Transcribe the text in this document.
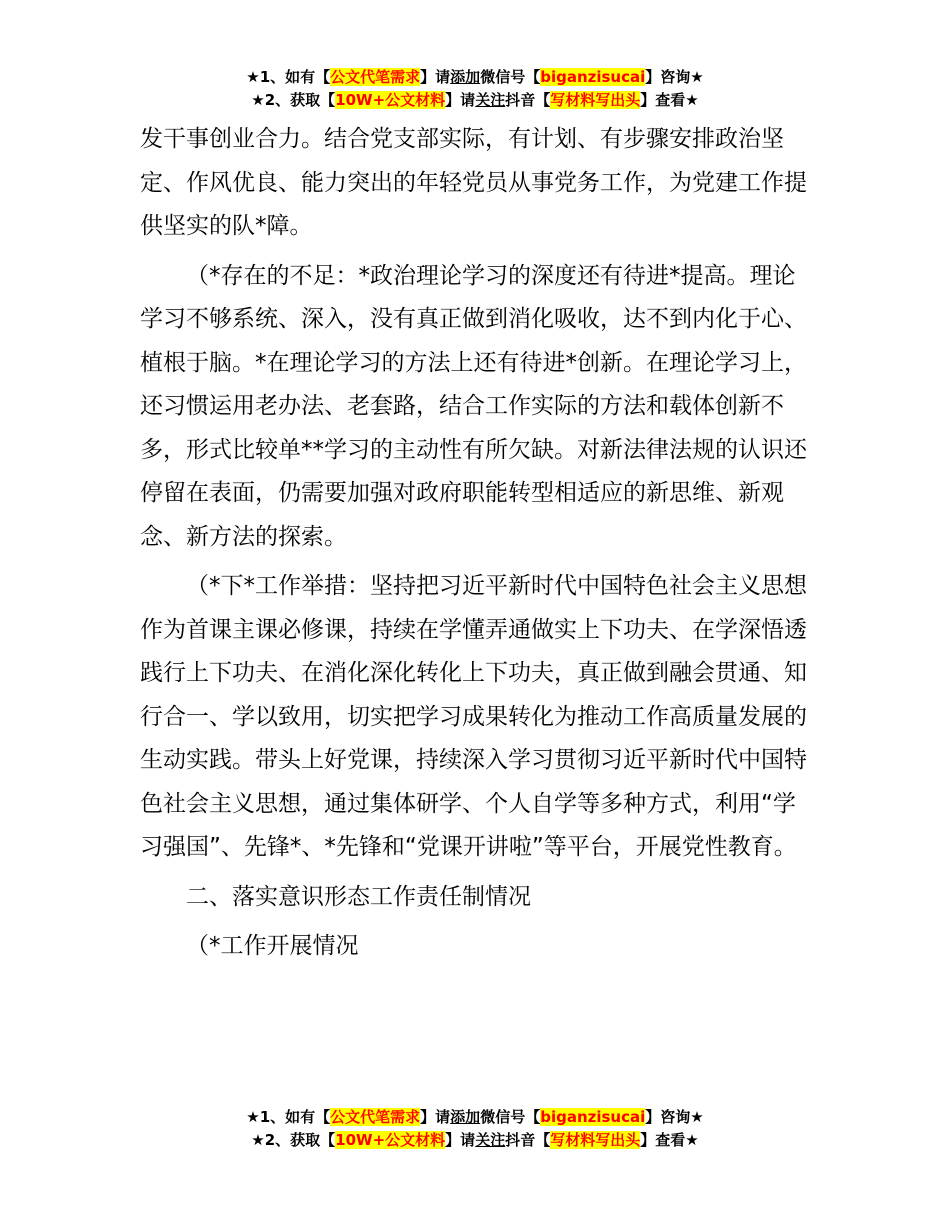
★1、如有【公文代笔需求】请添加微信号【biganzisucai】咨询★
★2、获取【10W+公文材料】请关注抖音【写材料写出头】查看★

发干事创业合力。结合党支部实际，有计划、有步骤安排政治坚定、作风优良、能力突出的年轻党员从事党务工作，为党建工作提供坚实的队*障。

（*存在的不足：*政治理论学习的深度还有待进*提高。理论学习不够系统、深入，没有真正做到消化吸收，达不到内化于心、植根于脑。*在理论学习的方法上还有待进*创新。在理论学习上，还习惯运用老办法、老套路，结合工作实际的方法和载体创新不多，形式比较单**学习的主动性有所欠缺。对新法律法规的认识还停留在表面，仍需要加强对政府职能转型相适应的新思维、新观念、新方法的探索。

（*下*工作举措：坚持把习近平新时代中国特色社会主义思想作为首课主课必修课，持续在学懂弄通做实上下功夫、在学深悟透践行上下功夫、在消化深化转化上下功夫，真正做到融会贯通、知行合一、学以致用，切实把学习成果转化为推动工作高质量发展的生动实践。带头上好党课，持续深入学习贯彻习近平新时代中国特色社会主义思想，通过集体研学、个人自学等多种方式，利用“学习强国”、先锋*、*先锋和“党课开讲啦”等平台，开展党性教育。

二、落实意识形态工作责任制情况

（*工作开展情况

★1、如有【公文代笔需求】请添加微信号【biganzisucai】咨询★
★2、获取【10W+公文材料】请关注抖音【写材料写出头】查看★
